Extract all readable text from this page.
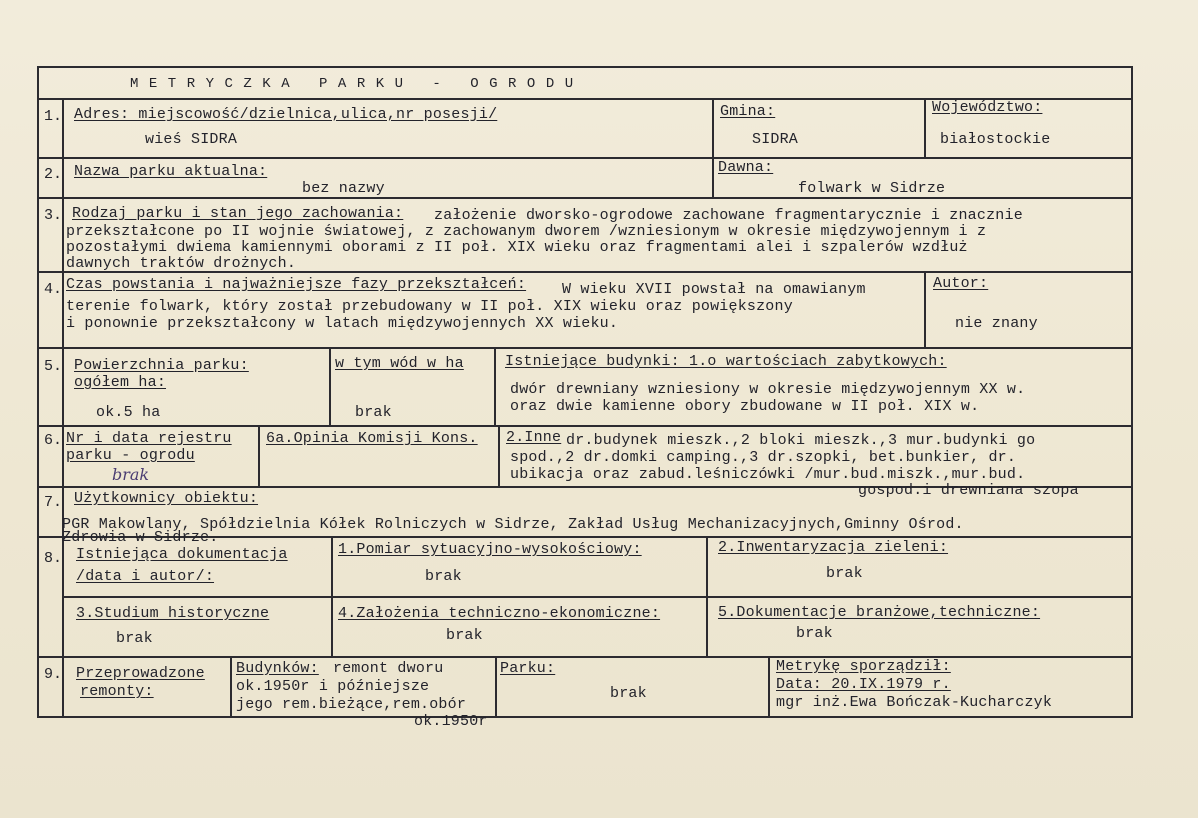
METRYCZKA PARKU - OGRODU
1. Adres: miejscowość/dzielnica,ulica,nr posesji/
wieś SIDRA
Gmina:
SIDRA
Województwo:
białostockie
2. Nazwa parku aktualna:
bez nazwy
Dawna:
folwark w Sidrze
3. Rodzaj parku i stan jego zachowania: założenie dworsko-ogrodowe zachowane fragmentarycznie i znacznie
przekształcone po II wojnie światowej, z zachowanym dworem /wzniesionym w okresie międzywojennym i z
pozostałymi dwiema kamiennymi oborami z II poł. XIX wieku oraz fragmentami alei i szpalerów wzdłuż
dawnych traktów drożnych.
4. Czas powstania i najważniejsze fazy przekształceń: W wieku XVII powstał na omawianym
terenie folwark, który został przebudowany w II poł. XIX wieku oraz powiększony
i ponownie przekształcony w latach międzywojennych XX wieku.
Autor:
nie znany
5. Powierzchnia parku:
ogółem ha:
ok.5 ha
w tym wód w ha
brak
Istniejące budynki: 1.o wartościach zabytkowych:
dwór drewniany wzniesiony w okresie międzywojennym XX w.
oraz dwie kamienne obory zbudowane w II poł. XIX w.
6. Nr i data rejestru
parku - ogrodu
brak
6a.Opinia Komisji Kons. 2.Inne dr.budynek mieszk.,2 bloki mieszk.,3 mur.budynki go
spod.,2 dr.domki camping.,3 dr.szopki, bet.bunkier, dr.
ubikacja oraz zabud.leśniczówki /mur.bud.miszk.,mur.bud.
gospod.i drewniana szopa
7. Użytkownicy obiektu:
PGR Makowlany, Spółdzielnia Kółek Rolniczych w Sidrze, Zakład Usług Mechanizacyjnych,Gminny Ośrod.
Zdrowia w Sidrze.
8. Istniejąca dokumentacja
/data i autor/:
1.Pomiar sytuacyjno-wysokościowy:
brak
2.Inwentaryzacja zieleni:
brak
3.Studium historyczne
brak
4.Założenia techniczno-ekonomiczne:
brak
5.Dokumentacje branżowe,techniczne:
brak
9. Przeprowadzone
remonty:
Budynków: remont dworu
ok.1950r i późniejsze
jego rem.bieżące,rem.obór
ok.1950r
Parku:
brak
Metrykę sporządził:
Data: 20.IX.1979 r.
mgr inż.Ewa Bończak-Kucharczyk
